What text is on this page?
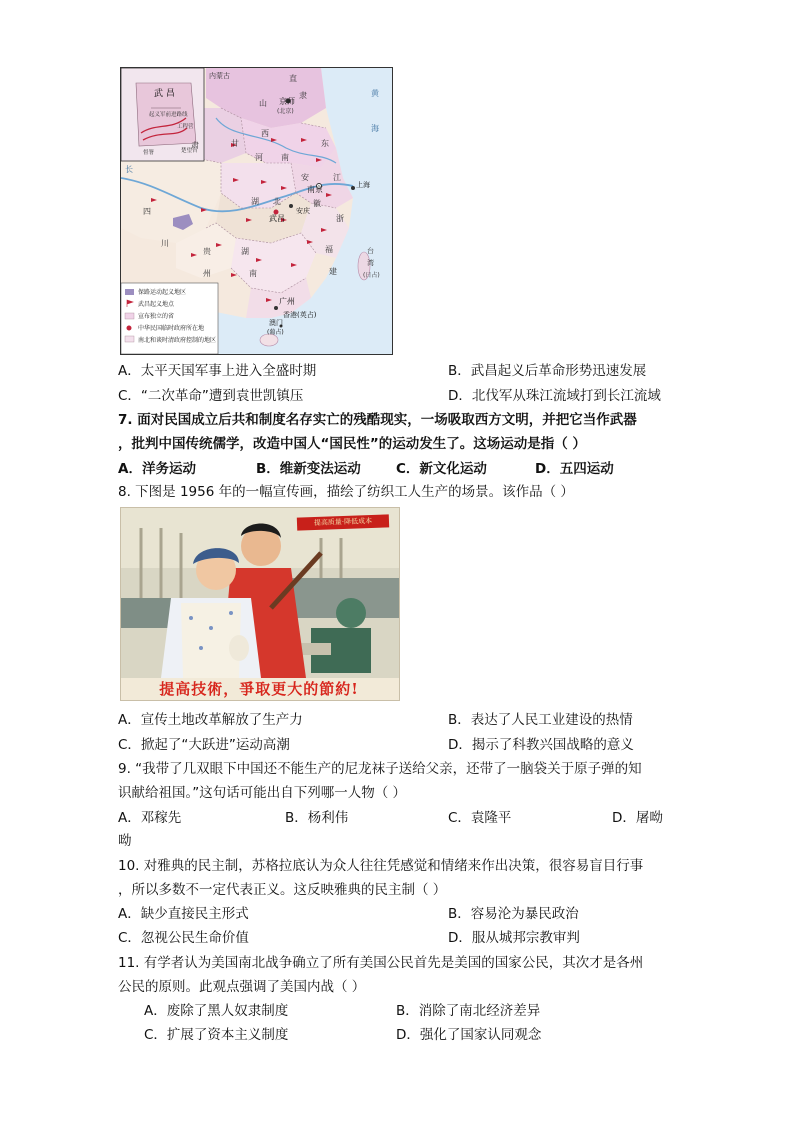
内蒙古	直
隶
京师
(北京)
山
西
甘
肃
河 南
东
南京	上海
安
徽
江
浙
四
川
武昌
安庆
湖 北
湖
南
贵
州
福
建
广州
香港(英占)
澳门
(葡占)
台
湾
(日占)
武 昌
起义军前进路线
工程营
楚望台
督署
黄
海
长
保路运动起义地区
武昌起义地点
宣布独立的省
中华民国临时政府所在地
南北和谈时清政府控制的地区
A．太平天国军事上进入全盛时期	B．武昌起义后革命形势迅速发展
C．“二次革命”遭到袁世凯镇压	D．北伐军从珠江流域打到长江流域
7. 面对民国成立后共和制度名存实亡的残酷现实，一场吸取西方文明，并把它当作武器
，批判中国传统儒学，改造中国人“国民性”的运动发生了。这场运动是指（ ）
A．洋务运动	B．维新变法运动	C．新文化运动	D．五四运动
8. 下图是 1956 年的一幅宣传画，描绘了纺织工人生产的场景。该作品（ ）
提高质量·降低成本
提高技術，爭取更大的節約!
A．宣传土地改革解放了生产力	B．表达了人民工业建设的热情
C．掀起了“大跃进”运动高潮	D．揭示了科教兴国战略的意义
9. “我带了几双眼下中国还不能生产的尼龙袜子送给父亲，还带了一脑袋关于原子弹的知
识献给祖国。”这句话可能出自下列哪一人物（ ）
A．邓稼先	B．杨利伟	C．袁隆平	D．屠呦
呦
10. 对雅典的民主制，苏格拉底认为众人往往凭感觉和情绪来作出决策，很容易盲目行事
，所以多数不一定代表正义。这反映雅典的民主制（ ）
A．缺少直接民主形式	B．容易沦为暴民政治
C．忽视公民生命价值	D．服从城邦宗教审判
11. 有学者认为美国南北战争确立了所有美国公民首先是美国的国家公民，其次才是各州
公民的原则。此观点强调了美国内战（ ）
A．废除了黑人奴隶制度	B．消除了南北经济差异
C．扩展了资本主义制度	D．强化了国家认同观念
